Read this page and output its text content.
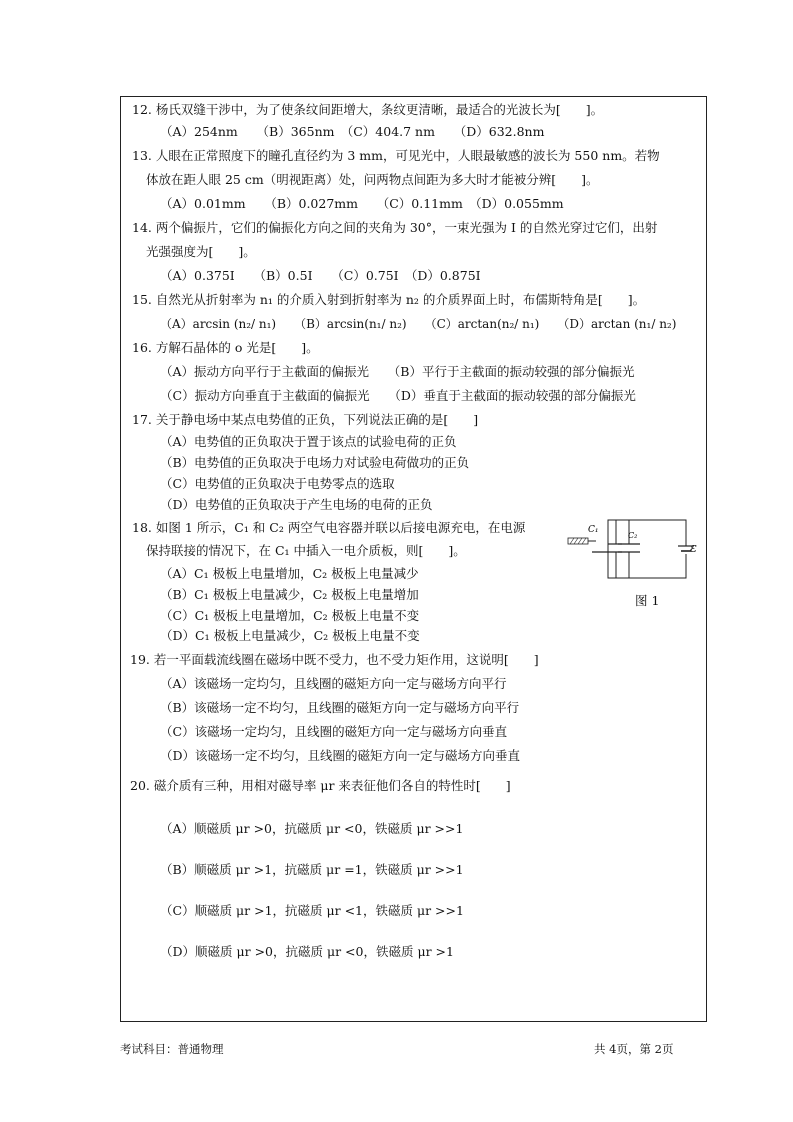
12. 杨氏双缝干涉中，为了使条纹间距增大，条纹更清晰，最适合的光波长为[　　]。
（A）254nm　　（B）365nm　（C）404.7 nm　　（D）632.8nm
13. 人眼在正常照度下的瞳孔直径约为 3 mm，可见光中，人眼最敏感的波长为 550 nm。若物
体放在距人眼 25 cm（明视距离）处，问两物点间距为多大时才能被分辨[　　]。
（A）0.01mm　　（B）0.027mm　　（C）0.11mm　（D）0.055mm
14. 两个偏振片，它们的偏振化方向之间的夹角为 30°，一束光强为 I 的自然光穿过它们，出射
光强强度为[　　]。
（A）0.375I　　（B）0.5I　　（C）0.75I　（D）0.875I
15. 自然光从折射率为 n₁ 的介质入射到折射率为 n₂ 的介质界面上时，布儒斯特角是[　　]。
（A）arcsin (n₂/ n₁)　　（B）arcsin(n₁/ n₂)　　（C）arctan(n₂/ n₁)　　（D）arctan (n₁/ n₂)
16. 方解石晶体的 o 光是[　　]。
（A）振动方向平行于主截面的偏振光　　（B）平行于主截面的振动较强的部分偏振光
（C）振动方向垂直于主截面的偏振光　　（D）垂直于主截面的振动较强的部分偏振光
17. 关于静电场中某点电势值的正负，下列说法正确的是[　　]
（A）电势值的正负取决于置于该点的试验电荷的正负
（B）电势值的正负取决于电场力对试验电荷做功的正负
（C）电势值的正负取决于电势零点的选取
（D）电势值的正负取决于产生电场的电荷的正负
18. 如图 1 所示，C₁ 和 C₂ 两空气电容器并联以后接电源充电，在电源
保持联接的情况下，在 C₁ 中插入一电介质板，则[　　]。
（A）C₁ 极板上电量增加，C₂ 极板上电量减少
（B）C₁ 极板上电量减少，C₂ 极板上电量增加
（C）C₁ 极板上电量增加，C₂ 极板上电量不变
（D）C₁ 极板上电量减少，C₂ 极板上电量不变
C₁
C₂
ε
图 1
19. 若一平面载流线圈在磁场中既不受力，也不受力矩作用，这说明[　　]
（A）该磁场一定均匀，且线圈的磁矩方向一定与磁场方向平行
（B）该磁场一定不均匀，且线圈的磁矩方向一定与磁场方向平行
（C）该磁场一定均匀，且线圈的磁矩方向一定与磁场方向垂直
（D）该磁场一定不均匀，且线圈的磁矩方向一定与磁场方向垂直
20. 磁介质有三种，用相对磁导率 μr 来表征他们各自的特性时[　　]
（A）顺磁质 μr >0，抗磁质 μr <0，铁磁质 μr >>1
（B）顺磁质 μr >1，抗磁质 μr =1，铁磁质 μr >>1
（C）顺磁质 μr >1，抗磁质 μr <1，铁磁质 μr >>1
（D）顺磁质 μr >0，抗磁质 μr <0，铁磁质 μr >1
考试科目：普通物理	共 4页，第 2页
